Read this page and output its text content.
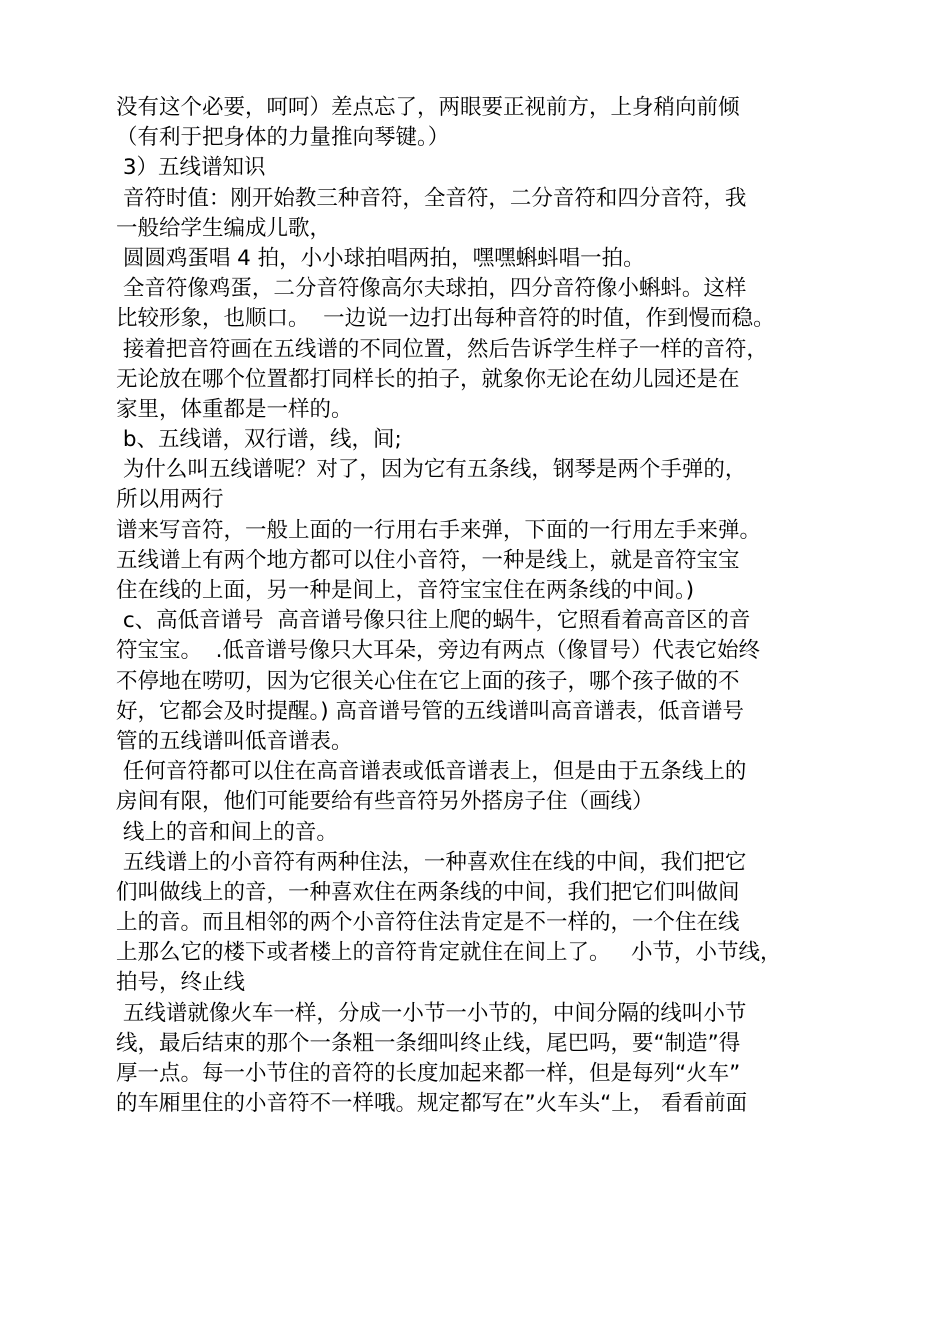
没有这个必要，呵呵）差点忘了，两眼要正视前方，上身稍向前倾
（有利于把身体的力量推向琴键。）
3）五线谱知识
音符时值：刚开始教三种音符，全音符，二分音符和四分音符，我
一般给学生编成儿歌，
圆圆鸡蛋唱 4 拍，小小球拍唱两拍，嘿嘿蝌蚪唱一拍。
全音符像鸡蛋，二分音符像高尔夫球拍，四分音符像小蝌蚪。这样
比较形象，也顺口。  一边说一边打出每种音符的时值，作到慢而稳。
接着把音符画在五线谱的不同位置，然后告诉学生样子一样的音符，
无论放在哪个位置都打同样长的拍子，就象你无论在幼儿园还是在
家里，体重都是一样的。
b、五线谱，双行谱，线，间;
为什么叫五线谱呢？对了，因为它有五条线，钢琴是两个手弹的，
所以用两行
谱来写音符，一般上面的一行用右手来弹，下面的一行用左手来弹。
五线谱上有两个地方都可以住小音符，一种是线上，就是音符宝宝
住在线的上面，另一种是间上，音符宝宝住在两条线的中间。)
c、高低音谱号  高音谱号像只往上爬的蜗牛，它照看着高音区的音
符宝宝。  .低音谱号像只大耳朵，旁边有两点（像冒号）代表它始终
不停地在唠叨，因为它很关心住在它上面的孩子，哪个孩子做的不
好，它都会及时提醒。) 高音谱号管的五线谱叫高音谱表，低音谱号
管的五线谱叫低音谱表。
任何音符都可以住在高音谱表或低音谱表上，但是由于五条线上的
房间有限，他们可能要给有些音符另外搭房子住（画线）
线上的音和间上的音。
五线谱上的小音符有两种住法，一种喜欢住在线的中间，我们把它
们叫做线上的音，一种喜欢住在两条线的中间，我们把它们叫做间
上的音。而且相邻的两个小音符住法肯定是不一样的，一个住在线
上那么它的楼下或者楼上的音符肯定就住在间上了。   小节，小节线，
拍号，终止线
五线谱就像火车一样，分成一小节一小节的，中间分隔的线叫小节
线，最后结束的那个一条粗一条细叫终止线，尾巴吗，要“制造”得
厚一点。每一小节住的音符的长度加起来都一样，但是每列“火车”
的车厢里住的小音符不一样哦。规定都写在”火车头“上， 看看前面
